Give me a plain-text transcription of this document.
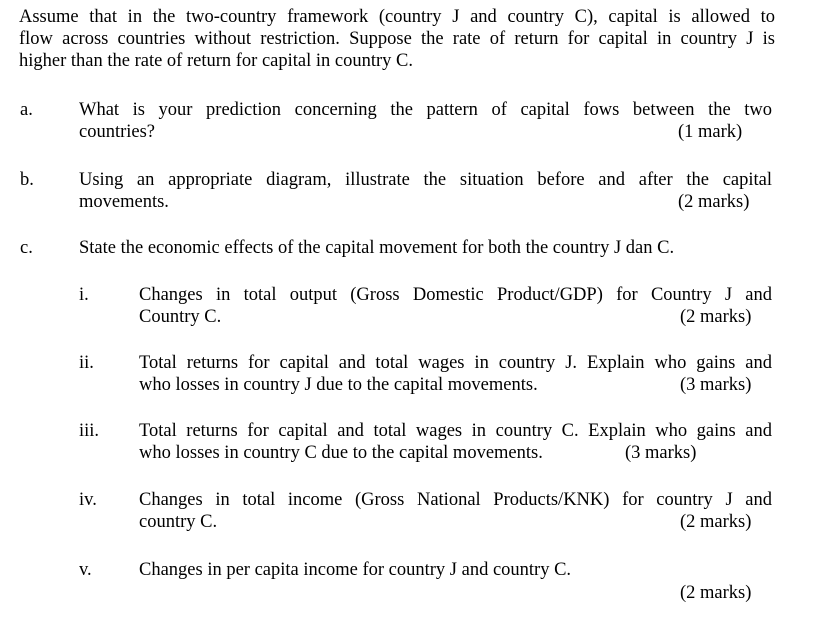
Assume that in the two-country framework (country J and country C), capital is allowed to
flow across countries without restriction. Suppose the rate of return for capital in country J is
higher than the rate of return for capital in country C.
a. What is your prediction concerning the pattern of capital fows between the two
countries?	(1 mark)
b. Using an appropriate diagram, illustrate the situation before and after the capital
movements.	(2 marks)
c. State the economic effects of the capital movement for both the country J dan C.
i.	Changes in total output (Gross Domestic Product/GDP) for Country J and
Country C.	(2 marks)
ii. Total returns for capital and total wages in country J. Explain who gains and
who losses in country J due to the capital movements.	(3 marks)
iii. Total returns for capital and total wages in country C. Explain who gains and
who losses in country C due to the capital movements.	(3 marks)
iv. Changes in total income (Gross National Products/KNK) for country J and
country C.	(2 marks)
v.	Changes in per capita income for country J and country C.
(2 marks)
